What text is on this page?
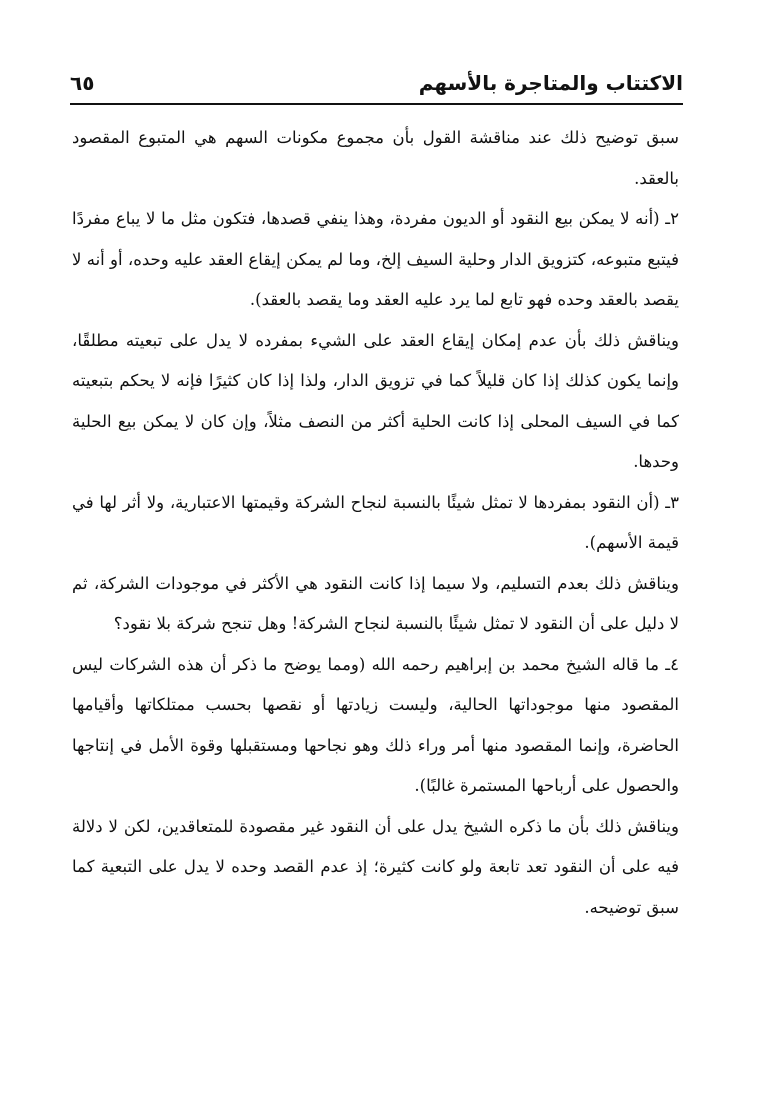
الاكتتاب والمتاجرة بالأسهم
٦٥

سبق توضيح ذلك عند مناقشة القول بأن مجموع مكونات السهم هي المتبوع المقصود بالعقد.

٢ـ (أنه لا يمكن بيع النقود أو الديون مفردة، وهذا ينفي قصدها، فتكون مثل ما لا يباع مفردًا فيتبع متبوعه، كتزويق الدار وحلية السيف إلخ، وما لم يمكن إيقاع العقد عليه وحده، أو أنه لا يقصد بالعقد وحده فهو تابع لما يرد عليه العقد وما يقصد بالعقد).

ويناقش ذلك بأن عدم إمكان إيقاع العقد على الشيء بمفرده لا يدل على تبعيته مطلقًا، وإنما يكون كذلك إذا كان قليلاً كما في تزويق الدار، ولذا إذا كان كثيرًا فإنه لا يحكم بتبعيته كما في السيف المحلى إذا كانت الحلية أكثر من النصف مثلاً، وإن كان لا يمكن بيع الحلية وحدها.

٣ـ (أن النقود بمفردها لا تمثل شيئًا بالنسبة لنجاح الشركة وقيمتها الاعتبارية، ولا أثر لها في قيمة الأسهم).

ويناقش ذلك بعدم التسليم، ولا سيما إذا كانت النقود هي الأكثر في موجودات الشركة، ثم لا دليل على أن النقود لا تمثل شيئًا بالنسبة لنجاح الشركة! وهل تنجح شركة بلا نقود؟

٤ـ ما قاله الشيخ محمد بن إبراهيم رحمه الله (ومما يوضح ما ذكر أن هذه الشركات ليس المقصود منها موجوداتها الحالية، وليست زيادتها أو نقصها بحسب ممتلكاتها وأقيامها الحاضرة، وإنما المقصود منها أمر وراء ذلك وهو نجاحها ومستقبلها وقوة الأمل في إنتاجها والحصول على أرباحها المستمرة غالبًا).

ويناقش ذلك بأن ما ذكره الشيخ يدل على أن النقود غير مقصودة للمتعاقدين، لكن لا دلالة فيه على أن النقود تعد تابعة ولو كانت كثيرة؛ إذ عدم القصد وحده لا يدل على التبعية كما سبق توضيحه.
